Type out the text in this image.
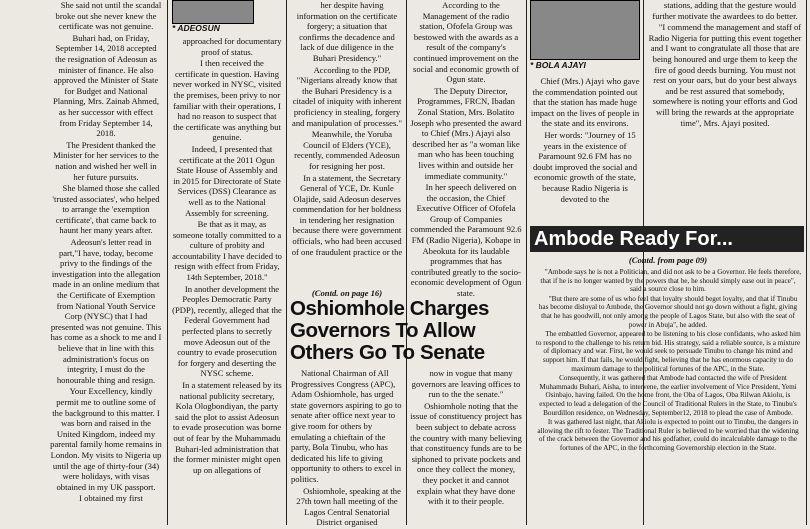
She said not until the scandal broke out she never knew the certificate was not genuine.

Buhari had, on Friday, September 14, 2018 accepted the resignation of Adeosun as minister of finance. He also approved the Minister of State for Budget and National Planning, Mrs. Zainab Ahmed, as her successor with effect from Friday September 14, 2018.

The President thanked the Minister for her services to the nation and wished her well in her future pursuits.

She blamed those she called 'trusted associates', who helped to arrange the 'exemption certificate', that came back to haunt her many years after.

Adeosun's letter read in part,"I have, today, become privy to the findings of the investigation into the allegation made in an online medium that the Certificate of Exemption from National Youth Service Corp (NYSC) that I had presented was not genuine. This has come as a shock to me and I believe that in line with this administration's focus on integrity, I must do the honourable thing and resign.

Your Excellency, kindly permit me to outline some of the background to this matter. I was born and raised in the United Kingdom, indeed my parental family home remains in London. My visits to Nigeria up until the age of thirty-four (34) were holidays, with visas obtained in my UK passport.

I obtained my first

* ADEOSUN

approached for documentary proof of status.

I then received the certificate in question. Having never worked in NYSC, visited the premises, been privy to nor familiar with their operations, I had no reason to suspect that the certificate was anything but genuine.

Indeed, I presented that certificate at the 2011 Ogun State House of Assembly and in 2015 for Directorate of State Services (DSS) Clearance as well as to the National Assembly for screening.

Be that as it may, as someone totally committed to a culture of probity and accountability I have decided to resign with effect from Friday, 14th September, 2018."

In another development the Peoples Democratic Party (PDP), recently, alleged that the Federal Government had perfected plans to secretly move Adeosun out of the country to evade prosecution for forgery and deserting the NYSC scheme.

In a statement released by its national publicity secretary, Kola Ologbondiyan, the party said the plot to assist Adeosun to evade prosecution was borne out of fear by the Muhammadu Buhari-led administration that the former minister might open up on allegations of

her despite having information on the certificate forgery; a situation that confirms the decadence and lack of due diligence in the Buhari Presidency."

According to the PDP, "Nigerians already know that the Buhari Presidency is a citadel of iniquity with inherent proficiency in stealing, forgery and manipulation of processes."

Meanwhile, the Yoruba Council of Elders (YCE), recently, commended Adeosun for resigning her post.

In a statement, the Secretary General of YCE, Dr. Kunle Olajide, said Adeosun deserves commendation for her boldness in tendering her resignation because there were government officials, who had been accused of one fraudulent practice or the

(Contd. on page 16)

According to the Management of the radio station, Ofofela Group was bestowed with the awards as a result of the company's continued improvement on the social and economic growth of Ogun state.

The Deputy Director, Programmes, FRCN, Ibadan Zonal Station, Mrs. Bolatito Joseph who presented the award to Chief (Mrs.) Ajayi also described her as "a woman like man who has been touching lives within and outside her immediate community."

In her speech delivered on the occasion, the Chief Executive Officer of Ofofela Group of Companies commended the Paramount 92.6 FM (Radio Nigeria), Kobape in Abeokuta for its laudable programmes that has contributed greatly to the socio-economic development of Ogun state.

* BOLA AJAYI

Chief (Mrs.) Ajayi who gave the commendation pointed out that the station has made huge impact on the lives of people in the state and its environs.

Her words: "Journey of 15 years in the existence of Paramount 92.6 FM has no doubt improved the social and economic growth of the state, because Radio Nigeria is devoted to the

stations, adding that the gesture would further motivate the awardees to do better.

"I commend the management and staff of Radio Nigeria for putting this event together and I want to congratulate all those that are being honoured and urge them to keep the fire of good deeds burning. You must not rest on your oars, but do your best always and be rest assured that somebody, somewhere is noting your efforts and God will bring the rewards at the appropriate time", Mrs. Ajayi posited.

Oshiomhole Charges Governors To Allow Others Go To Senate

National Chairman of All Progressives Congress (APC), Adam Oshiomhole, has urged state governors aspiring to go to senate after office next year to give room for others by emulating a chieftain of the party, Bola Tinubu, who has dedicated his life to giving opportunity to others to excel in politics.

Oshiomhole, speaking at the 27th town hall meeting of the Lagos Central Senatorial District organised

now in vogue that many governors are leaving offices to run to the the senate."

Oshiomhole noting that the issue of constituency project has been subject to debate across the country with many believing that constituency funds are to be siphoned to private pockets and once they collect the money, they pocket it and cannot explain what they have done with it to their people.

Ambode Ready For...

(Contd. from page 09)

"Ambode says he is not a Politician, and did not ask to be a Governor. He feels therefore, that if he is no longer wanted by the powers that be, he should simply ease out in peace", said a source close to him.

"But there are some of us who feel that loyalty should beget loyalty, and that if Tinubu has become disloyal to Ambode, the Governor should not go down without a fight, giving that he has goodwill, not only among the people of Lagos State, but also with the seat of power in Abuja", he added.

The embattled Governor, appeared to be listening to his close confidants, who asked him to respond to the challenge to his return bid. His strategy, said a reliable source, is a mixture of diplomacy and war. First, he would seek to persuade Tinubu to change his mind and support him. If that fails, he would fight, believing that he has enormous capacity to do maximum damage to the political fortunes of the APC, in the State.

Consequently, it was gathered that Ambode had contacted the wife of President Muhammadu Buhari, Aisha, to intervene, the earlier involvement of Vice President, Yemi Osinbajo, having failed. On the home front, the Oba of Lagos, Oba Rilwan Akiolu, is expected to lead a delegation of the Council of Traditional Rulers in the State, to Tinubu's Bourdillon residence, on Wednesday, September12, 2018 to plead the case of Ambode.

It was gathered last night, that Akiolu is expected to point out to Tinubu, the dangers in allowing the rift to fester. The Traditional Ruler is believed to be worried that the widening of the crack between the Governor and his godfather, could do incalculable damage to the fortunes of the APC, in the forthcoming Governorship election in the State.
